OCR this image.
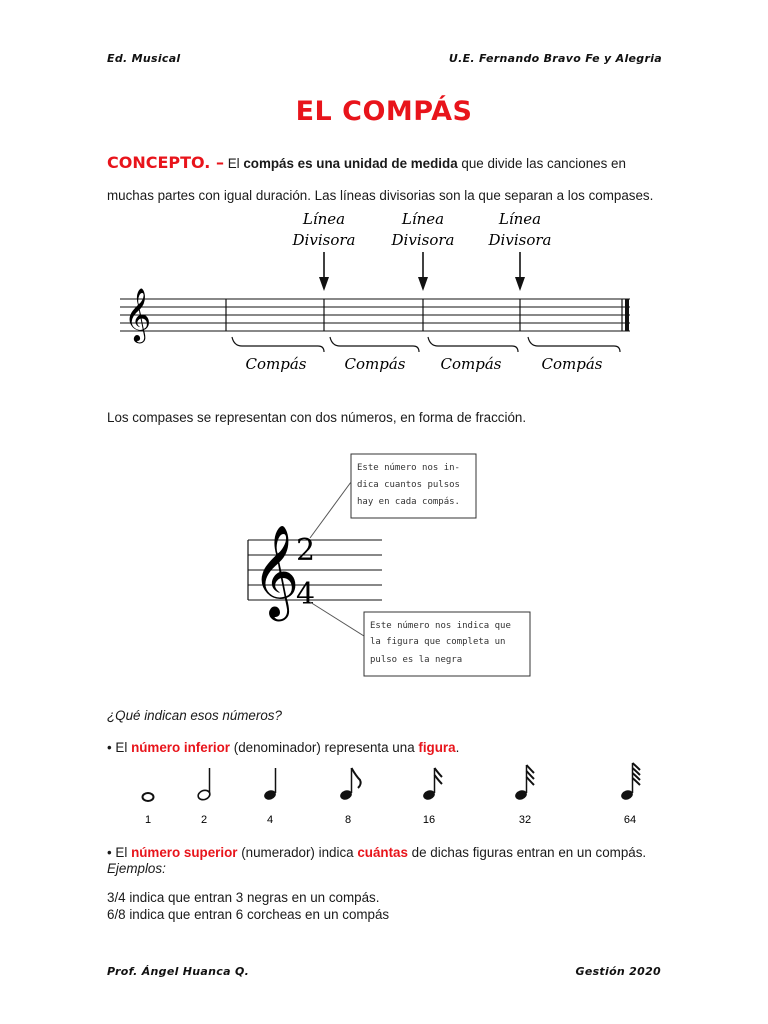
Ed. Musical	U.E. Fernando Bravo Fe y Alegria
EL COMPÁS
CONCEPTO. – El compás es una unidad de medida que divide las canciones en
muchas partes con igual duración. Las líneas divisorias son la que separan a los compases.
Línea
Divisora
Línea
Divisora
Línea
Divisora
𝄞
Compás	Compás Compás	Compás
Los compases se representan con dos números, en forma de fracción.
Este número nos in-
dica cuantos pulsos
hay en cada compás.
𝄞
2
4
Este número nos indica que
la figura que completa un
pulso es la negra
¿Qué indican esos números?
• El número inferior (denominador) representa una figura.
1	2	4	8	16	32	64
• El número superior (numerador) indica cuántas de dichas figuras entran en un compás.
Ejemplos:
3/4 indica que entran 3 negras en un compás.
6/8 indica que entran 6 corcheas en un compás
Prof. Ángel Huanca Q.	Gestión 2020
